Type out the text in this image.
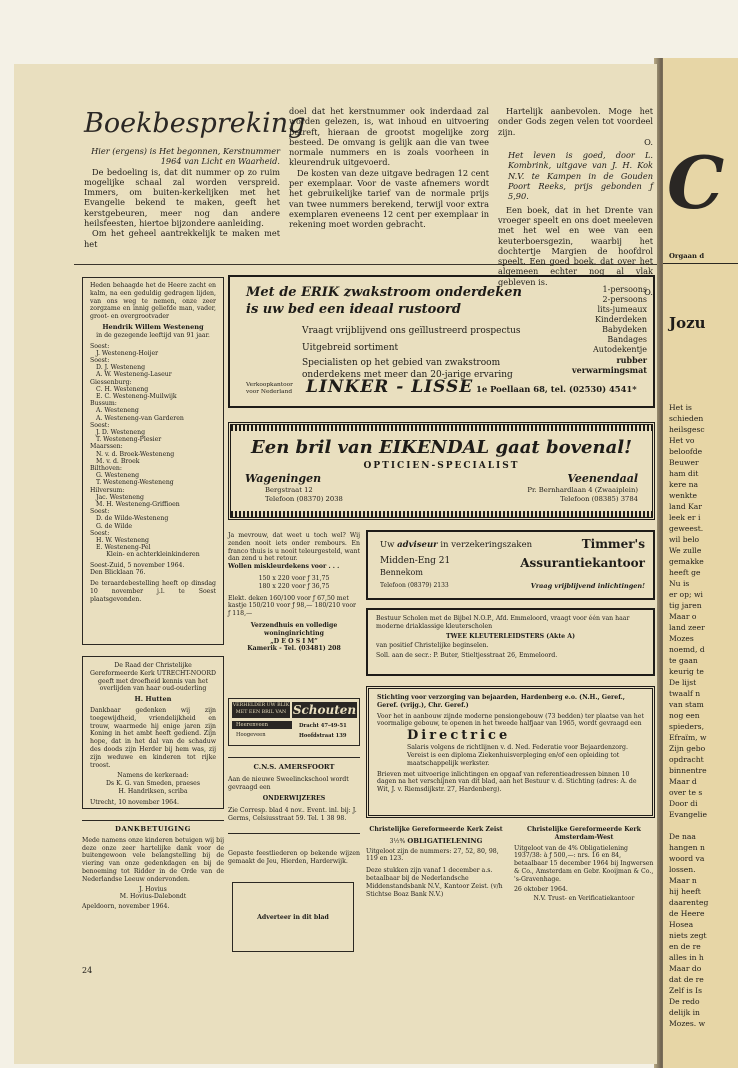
Boekbespreking
Hier (ergens) is Het begonnen, Kerstnummer 1964 van Licht en Waarheid.
De bedoeling is, dat dit nummer op zo ruim mogelijke schaal zal worden verspreid. Immers, om buiten-kerkelijken met het Evangelie bekend te maken, geeft het kerstgebeuren, meer nog dan andere heilsfeesten, hiertoe bijzondere aanleiding.
Om het geheel aantrekkelijk te maken met het
doel dat het kerstnummer ook inderdaad zal worden gelezen, is, wat inhoud en uitvoering betreft, hieraan de grootst mogelijke zorg besteed. De omvang is gelijk aan die van twee normale nummers en is zoals voorheen in kleurendruk uitgevoerd.
De kosten van deze uitgave bedragen 12 cent per exemplaar. Voor de vaste afnemers wordt het gebruikelijke tarief van de normale prijs van twee nummers berekend, terwijl voor extra exemplaren eveneens 12 cent per exemplaar in rekening moet worden gebracht.
Hartelijk aanbevolen. Moge het onder Gods zegen velen tot voordeel zijn.
O.
Het leven is goed, door L. Kombrink, uitgave van J. H. Kok N.V. te Kampen in de Gouden Poort Reeks, prijs gebonden ƒ 5,90.
Een boek, dat in het Drente van vroeger speelt en ons doet meeleven met het wel en wee van een keuterboersgezin, waarbij het dochtertje Margien de hoofdrol speelt. Een goed boek, dat over het algemeen echter nog al vlak gebleven is.
O.
Heden behaagde het de Heere zacht en kalm, na een geduldig gedragen lijden, van ons weg te nemen, onze zeer zorgzame en innig geliefde man, vader, groot- en overgrootvader
Hendrik Willem Westeneng
in de gezegende leeftijd van 91 jaar.
Soest:
J. Westeneng-Hoijer
Soest:
D. J. Westeneng
A. W. Westeneng-Laseur
Giessenburg:
C. H. Westeneng
E. C. Westeneng-Muilwijk
Bussum:
A. Westeneng
A. Westeneng-van Garderen
Soest:
J. D. Westeneng
T. Westeneng-Plesier
Maarssen:
N. v. d. Broek-Westeneng
M. v. d. Broek
Bilthoven:
G. Westeneng
T. Westeneng-Westeneng
Hilversum:
Jac. Westeneng
M. H. Westeneng-Griffioen
Soest:
D. de Wilde-Westeneng
G. de Wilde
Soest:
H. W. Westeneng
E. Westeneng-Pel
Klein- en achterkleinkinderen
Soest-Zuid, 5 november 1964.
Den Blicklaan 76.
De teraardebestelling heeft op dinsdag 10 november j.l. te Soest plaatsgevonden.
De Raad der Christelijke Gereformeerde Kerk UTRECHT-NOORD geeft met droefheid kennis van het overlijden van haar oud-ouderling
H. Hutten
Dankbaar gedenken wij zijn toegewijdheid, vriendelijkheid en trouw, waarmede hij enige jaren zijn Koning in het ambt heeft gediend. Zijn hope, dat in het dal van de schaduw des doods zijn Herder bij hem was, zij zijn weduwe en kinderen tot rijke troost.
Namens de kerkeraad:
Ds K. G. van Smeden, praeses
H. Handriksen, scriba
Utrecht, 10 november 1964.
DANKBETUIGING
Mede namens onze kinderen betuigen wij bij deze onze zeer hartelijke dank voor de buitengewoon vele belangstelling bij de viering van onze gedenkdagen en bij de benoeming tot Ridder in de Orde van de Nederlandse Leeuw ondervonden.
J. Hovius
M. Hovius-Dalebondt
Apeldoorn, november 1964.
24
Met de ERIK zwakstroom onderdeken
is uw bed een ideaal rustoord
Vraagt vrijblijvend ons geïllustreerd prospectus
Uitgebreid sortiment
Specialisten op het gebied van zwakstroom
onderdekens met meer dan 20-jarige ervaring
1-persoons
2-persoons
lits-jumeaux
Kinderdeken
Babydeken
Bandages
Autodekentje
rubber
verwarmingsmat
Verkoopkantoor voor Nederland LINKER - LISSE 1e Poellaan 68, tel. (02530) 4541*
Een bril van EIKENDAL gaat bovenal!
OPTICIEN-SPECIALIST
Wageningen
Bergstraat 12
Telefoon (08370) 2038
Veenendaal
Pr. Bernhardlaan 4 (Zwaaiplein)
Telefoon (08385) 3784
Ja mevrouw, dat weet u toch wel? Wij zenden nooit iets onder rembours. En franco thuis is u nooit teleurgesteld, want dan zend u het retour.
Wollen miskleurdekens voor . . .
150 x 220 voor ƒ 31,75
180 x 220 voor ƒ 36,75
Elekt. deken 160/100 voor ƒ 67,50 met kastje 150/210 voor ƒ 98,— 180/210 voor ƒ 118,—
Verzendhuis en volledige woninginrichting
„D E O S I M”
Kamerik - Tel. (03481) 208
Uw adviseur in verzekeringszaken	Timmer's
Midden-Eng 21
Bennekom
Assurantiekantoor
Telefoon (08379) 2133	Vraag vrijblijvend inlichtingen!
VERHELDER UW BLIK
MET EEN BRIL VAN Schouten
Heerenveen
Hoogeveen
Dracht 47-49-51
Hoofdstraat 139
C.N.S. AMERSFOORT
Aan de nieuwe Sweelinckschool wordt gevraagd een
ONDERWIJZERES
Zie Corresp. blad 4 nov.. Event. inl. bij: J. Germs, Celsiusstraat 59. Tel. 1 38 98.
Gepaste feestliederen op bekende wijzen gemaakt de Jeu, Hierden, Harderwijk.
Adverteer in dit blad
Bestuur Scholen met de Bijbel N.O.P., Afd. Emmeloord, vraagt voor één van haar moderne driaklassige kleuterscholen
TWEE KLEUTERLEIDSTERS (Akte A)
van positief Christelijke beginselen.
Soll. aan de secr.: P. Buter, Stieltjesstraat 26, Emmeloord.
Stichting voor verzorging van bejaarden, Hardenberg e.o. (N.H., Geref., Geref. (vrijg.), Chr. Geref.)
Voor het in aanbouw zijnde moderne pensiongebouw (73 bedden) ter plaatse van het voormalige gebouw, te openen in het tweede halfjaar van 1965, wordt gevraagd een
Directrice
Salaris volgens de richtlijnen v. d. Ned. Federatie voor Bejaardenzorg.
Vereist is een diploma Ziekenhuisverpleging en/of een opleiding tot maatschappelijk werkster.
Brieven met uitvoerige inlichtingen en opgaaf van referentieadressen binnen 10 dagen na het verschijnen van dit blad, aan het Bestuur v. d. Stichting (adres: A. de Wit, J. v. Riemsdijkstr. 27, Hardenberg).
Christelijke Gereformeerde Kerk Zeist
3½% OBLIGATIELENING
Uitgeloot zijn de nummers: 27, 52, 80, 98, 119 en 123.
Deze stukken zijn vanaf 1 december a.s. betaalbaar bij de Nederlandsche Middenstandsbank N.V., Kantoor Zeist. (v/h Stichtse Boaz Bank N.V.)
Christelijke Gereformeerde Kerk Amsterdam-West
Uitgeloot van de 4% Obligatielening 1937/38: à ƒ 500,—: nrs. 16 en 84, betaalbaar 15 december 1964 bij Ingwersen & Co., Amsterdam en Gebr. Kooijman & Co., 's-Gravenhage.
26 oktober 1964.
N.V. Trust- en Verificatiekantoor
C
Orgaan d
Jozu
Het is
schieden
heilsgesc
Het vo
beloofde
Beuwer
ham dit
kere na
wenkte
land Kar
leek er i
geweest.
wil belo
We zulle
gemakke
heeft ge
Nu is
er op; wi
tig jaren
Maar o
land zeer
Mozes
noemd, d
te gaan
keurig te
De lijst
twaalf n
van stam
nog een
spieders,
Efraïm, w
Zijn gebo
opdracht
binnentre
Maar d
over te s
Door di
Evangelie
De naa
hangen n
woord va
lossen.
Maar n
hij heeft
daarenteg
de Heere
Hosea
niets zegt
en de re
alles in h
Maar do
dat de re
Zelf is Is
De redo
delijk in
Mozes. w
